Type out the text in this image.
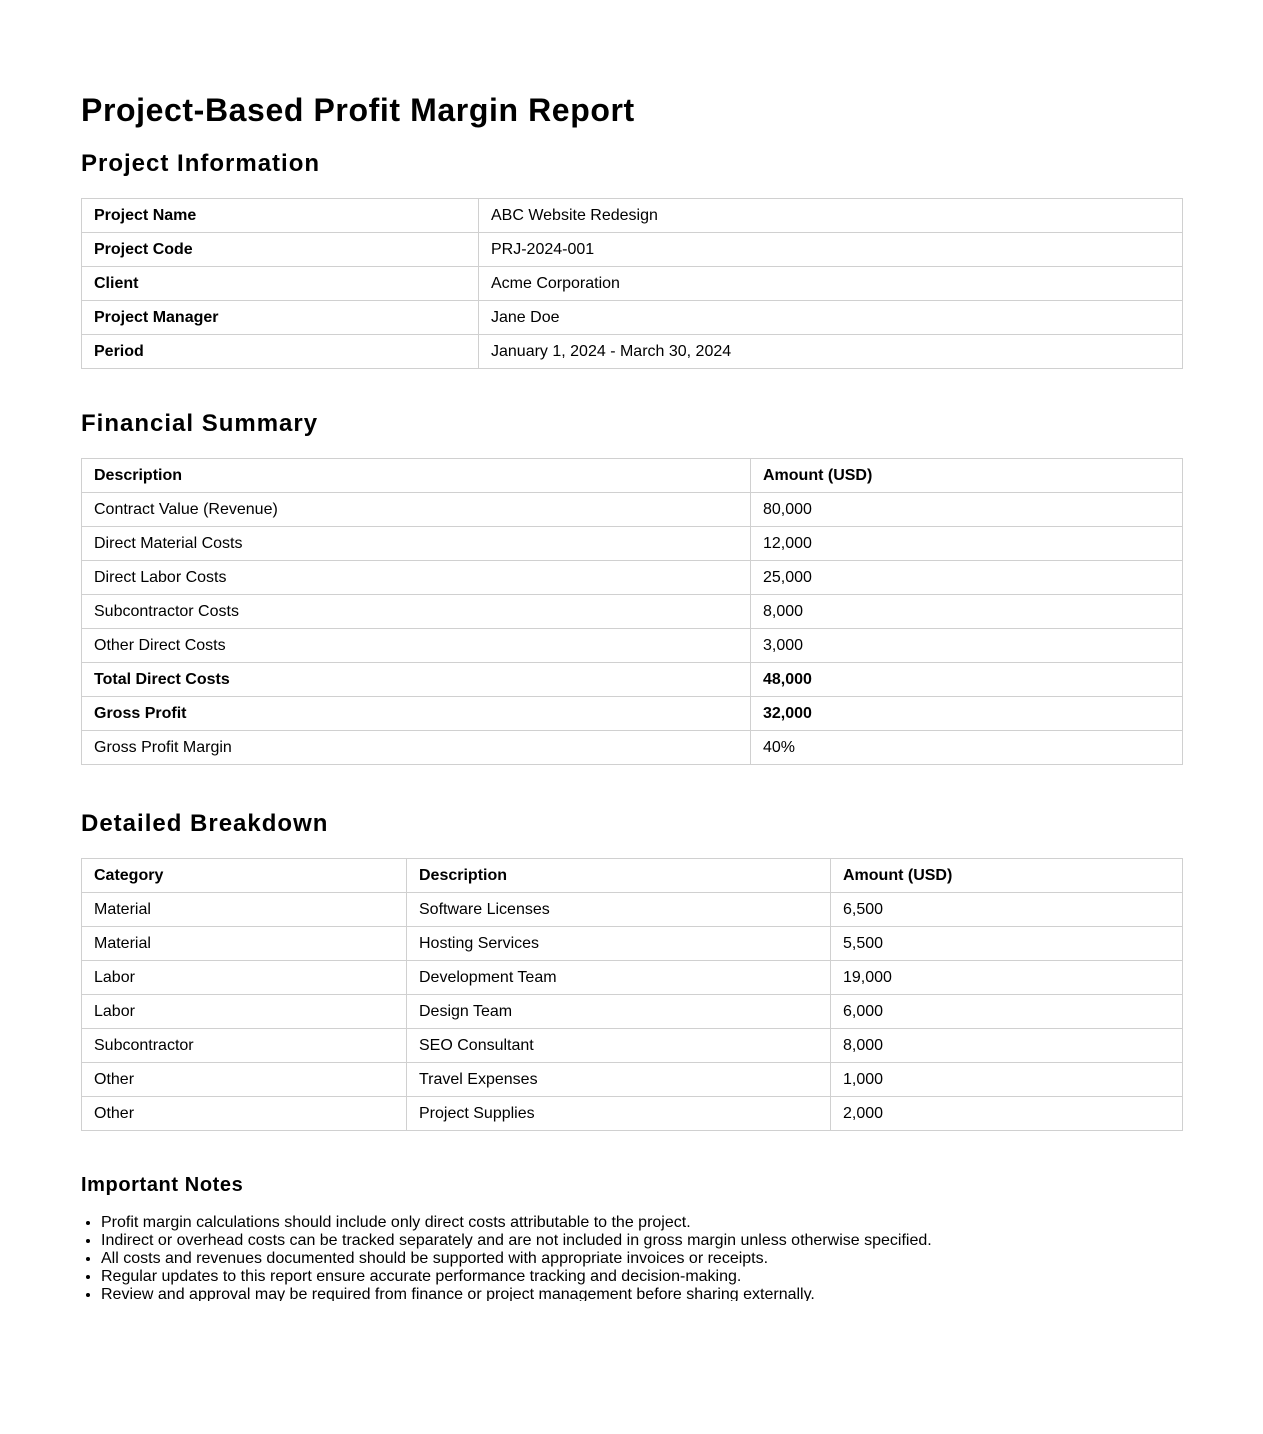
Project-Based Profit Margin Report
Project Information
Project Name	ABC Website Redesign
Project Code	PRJ-2024-001
Client	Acme Corporation
Project Manager	Jane Doe
Period	January 1, 2024 - March 30, 2024
Financial Summary
Description	Amount (USD)
Contract Value (Revenue)	80,000
Direct Material Costs	12,000
Direct Labor Costs	25,000
Subcontractor Costs	8,000
Other Direct Costs	3,000
Total Direct Costs	48,000
Gross Profit	32,000
Gross Profit Margin	40%
Detailed Breakdown
Category	Description	Amount (USD)
Material	Software Licenses	6,500
Material	Hosting Services	5,500
Labor	Development Team	19,000
Labor	Design Team	6,000
Subcontractor	SEO Consultant	8,000
Other	Travel Expenses	1,000
Other	Project Supplies	2,000
Important Notes
• Profit margin calculations should include only direct costs attributable to the project.
• Indirect or overhead costs can be tracked separately and are not included in gross margin unless otherwise specified.
• All costs and revenues documented should be supported with appropriate invoices or receipts.
• Regular updates to this report ensure accurate performance tracking and decision-making.
• Review and approval may be required from finance or project management before sharing externally.
